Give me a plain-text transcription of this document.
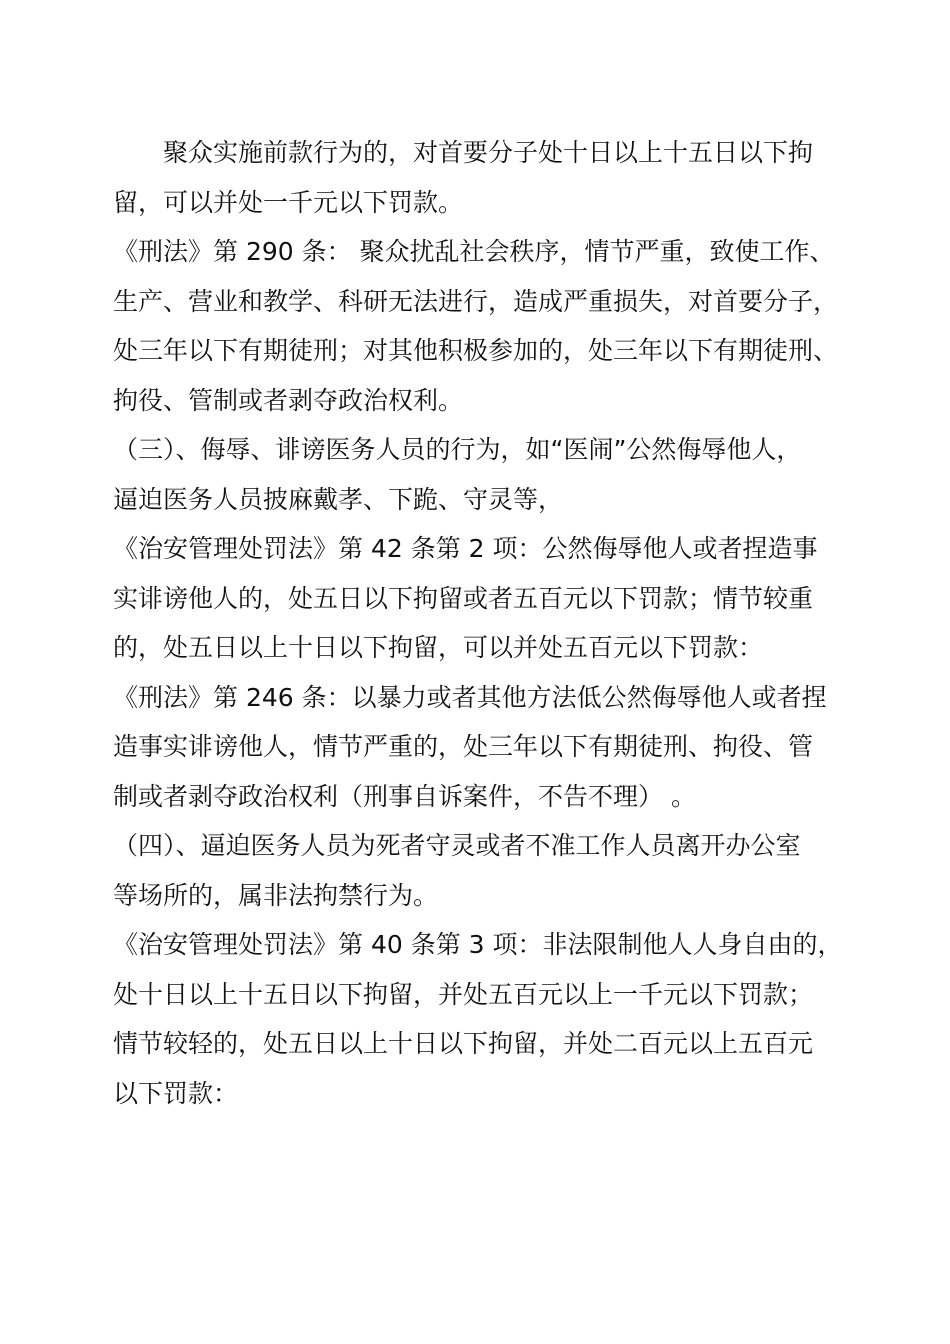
聚众实施前款行为的，对首要分子处十日以上十五日以下拘
留，可以并处一千元以下罚款。
《刑法》第 290 条： 聚众扰乱社会秩序，情节严重，致使工作、
生产、营业和教学、科研无法进行，造成严重损失，对首要分子，
处三年以下有期徒刑；对其他积极参加的，处三年以下有期徒刑、
拘役、管制或者剥夺政治权利。
（三）、侮辱、诽谤医务人员的行为，如“医闹”公然侮辱他人，
逼迫医务人员披麻戴孝、下跪、守灵等，
《治安管理处罚法》第 42 条第 2 项：公然侮辱他人或者捏造事
实诽谤他人的，处五日以下拘留或者五百元以下罚款；情节较重
的，处五日以上十日以下拘留，可以并处五百元以下罚款：
《刑法》第 246 条：以暴力或者其他方法低公然侮辱他人或者捏
造事实诽谤他人，情节严重的，处三年以下有期徒刑、拘役、管
制或者剥夺政治权利（刑事自诉案件，不告不理） 。
（四）、逼迫医务人员为死者守灵或者不准工作人员离开办公室
等场所的，属非法拘禁行为。
《治安管理处罚法》第 40 条第 3 项：非法限制他人人身自由的，
处十日以上十五日以下拘留，并处五百元以上一千元以下罚款；
情节较轻的，处五日以上十日以下拘留，并处二百元以上五百元
以下罚款：
